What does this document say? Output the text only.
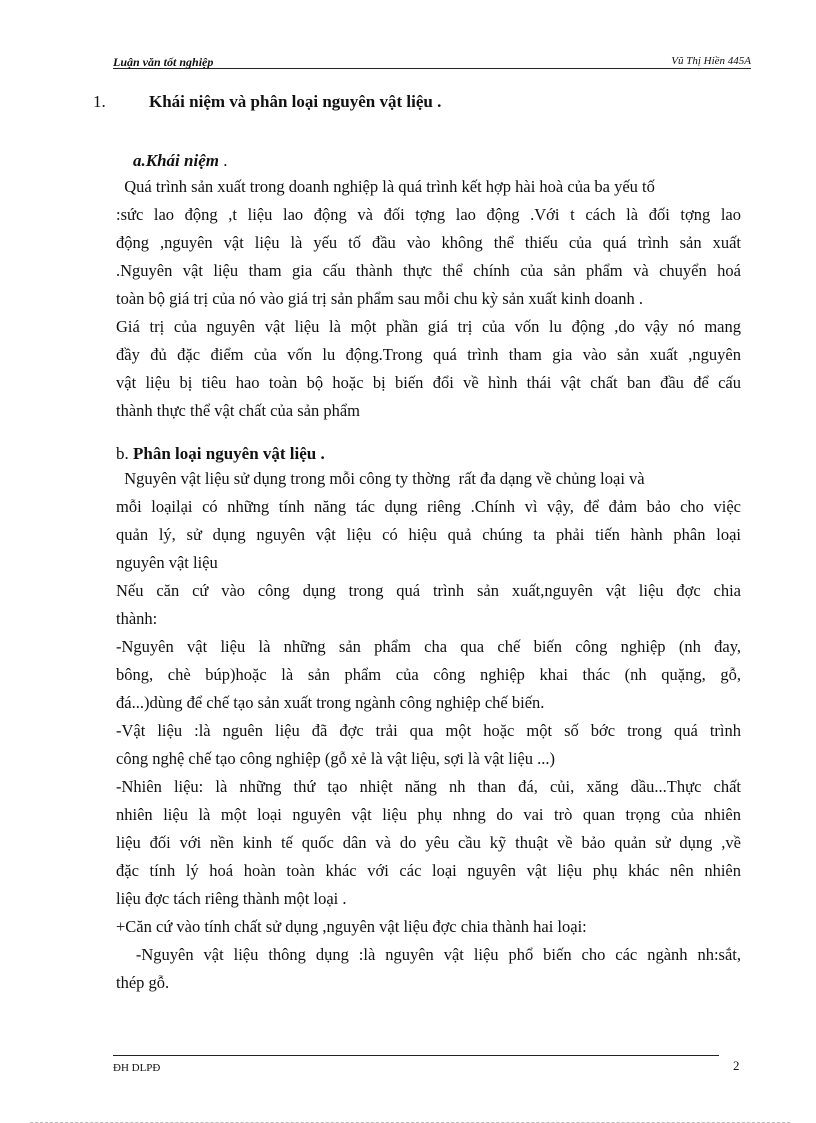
Luận văn tốt nghiệp	Vũ Thị Hiền 445A
1.	Khái niệm và phân loại nguyên vật liệu .
a.Khái niệm .
Quá trình sản xuất trong doanh nghiệp là quá trình kết hợp hài hoà của ba yếu tố
:sức lao động ,t liệu lao động và đối tợng lao động .Với t cách là đối tợng lao
động ,nguyên vật liệu là yếu tố đầu vào không thể thiếu của quá trình sản xuất
.Nguyên vật liệu tham gia cấu thành thực thể chính của sản phẩm và chuyển hoá
toàn bộ giá trị của nó vào giá trị sản phẩm sau mỗi chu kỳ sản xuất kinh doanh .
Giá trị của nguyên vật liệu là một phần giá trị của vốn lu động ,do vậy nó mang
đầy đủ đặc điểm của vốn lu động.Trong quá trình tham gia vào sản xuất ,nguyên
vật liệu bị tiêu hao toàn bộ hoặc bị biến đổi về hình thái vật chất ban đầu để cấu
thành thực thể vật chất của sản phẩm
b. Phân loại nguyên vật liệu .
Nguyên vật liệu sử dụng trong mỗi công ty thờng  rất đa dạng về chủng loại và
mỗi loạilại có những tính năng tác dụng riêng .Chính vì vậy, để đảm bảo cho việc
quản lý, sử dụng nguyên vật liệu có hiệu quả chúng ta phải tiến hành phân loại
nguyên vật liệu
Nếu căn cứ vào công dụng trong quá trình sản xuất,nguyên vật liệu đợc chia
thành:
-Nguyên vật liệu là những sản phẩm cha qua chế biến công nghiệp (nh đay,
bông, chè búp)hoặc là sản phẩm của công nghiệp khai thác (nh quặng, gỗ,
đá...)dùng để chế tạo sản xuất trong ngành công nghiệp chế biến.
-Vật liệu :là nguên liệu đã đợc trải qua một hoặc một số bớc trong quá trình
công nghệ chế tạo công nghiệp (gỗ xẻ là vật liệu, sợi là vật liệu ...)
-Nhiên liệu: là những thứ tạo nhiệt năng nh than đá, củi, xăng dầu...Thực chất
nhiên liệu là một loại nguyên vật liệu phụ nhng do vai trò quan trọng của nhiên
liệu đối với nền kinh tế quốc dân và do yêu cầu kỹ thuật về bảo quản sử dụng ,về
đặc tính lý hoá hoàn toàn khác với các loại nguyên vật liệu phụ khác nên nhiên
liệu đợc tách riêng thành một loại .
+Căn cứ vào tính chất sử dụng ,nguyên vật liệu đợc chia thành hai loại:
-Nguyên vật liệu thông dụng :là nguyên vật liệu phổ biến cho các ngành nh:sắt,
thép gỗ.
ĐH DLPĐ	2
